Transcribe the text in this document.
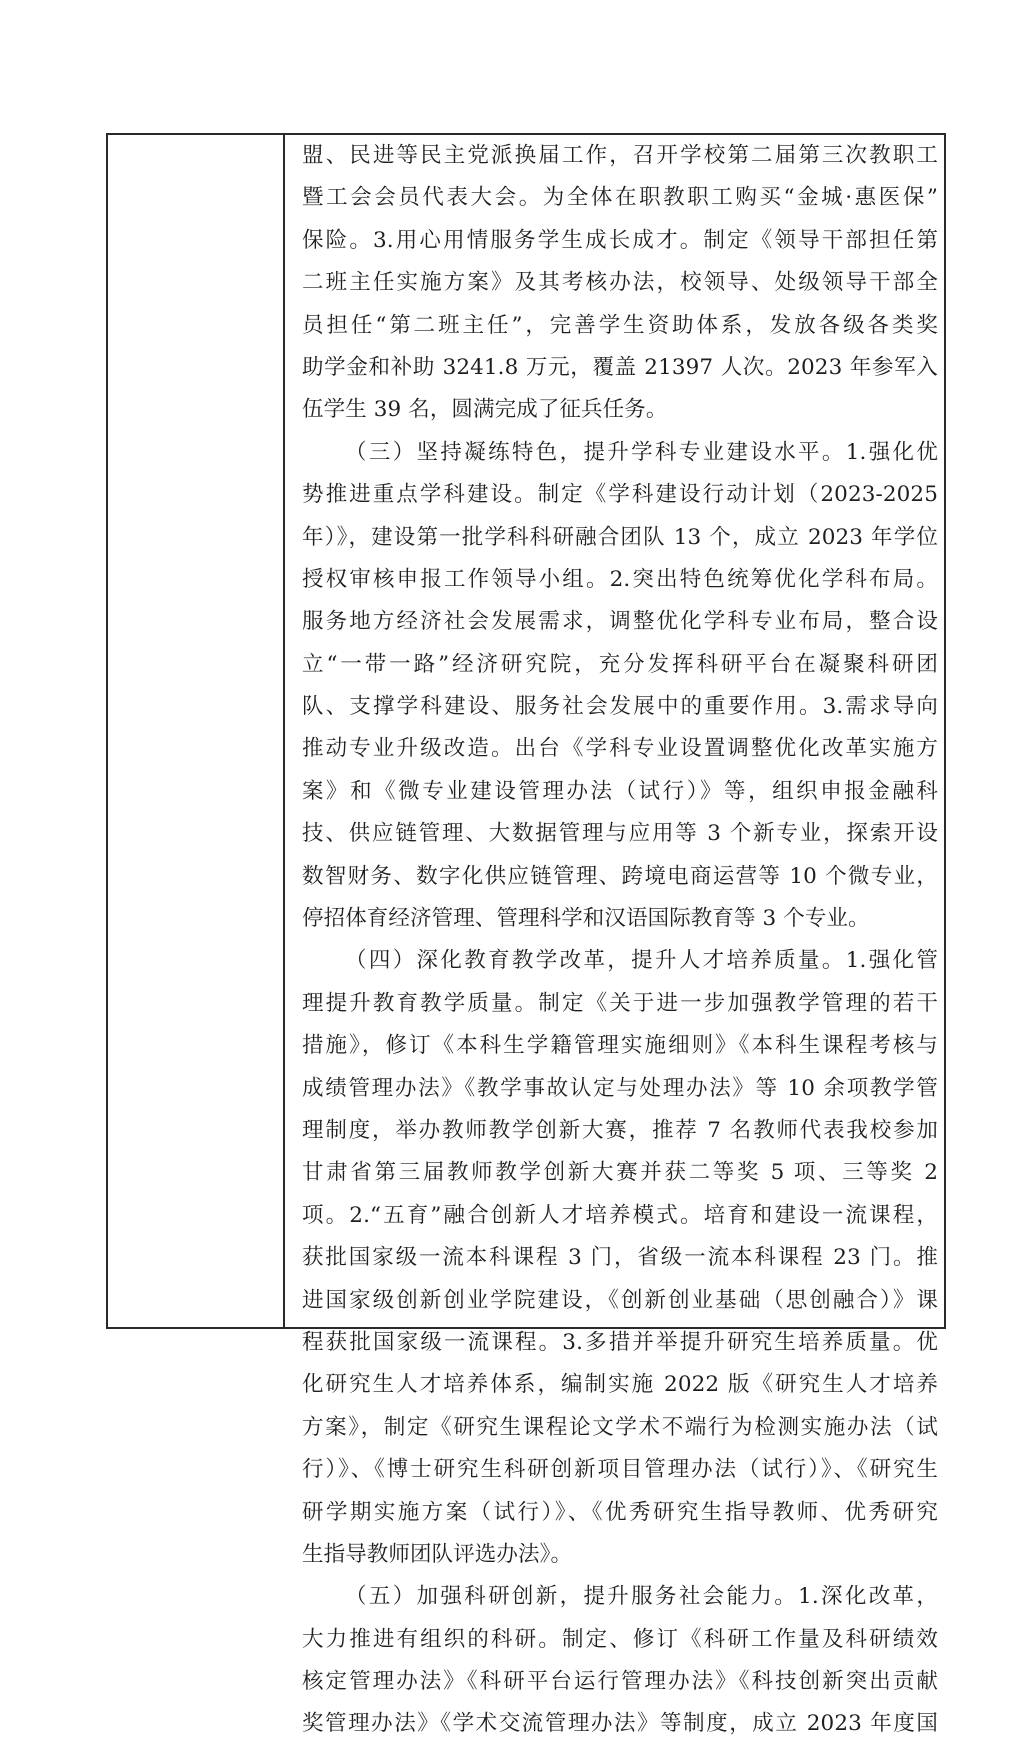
盟、民进等民主党派换届工作，召开学校第二届第三次教职工
暨工会会员代表大会。为全体在职教职工购买“金城·惠医保”
保险。3.用心用情服务学生成长成才。制定《领导干部担任第
二班主任实施方案》及其考核办法，校领导、处级领导干部全
员担任“第二班主任”，完善学生资助体系，发放各级各类奖
助学金和补助 3241.8 万元，覆盖 21397 人次。2023 年参军入
伍学生 39 名，圆满完成了征兵任务。
（三）坚持凝练特色，提升学科专业建设水平。1.强化优
势推进重点学科建设。制定《学科建设行动计划（2023-2025
年）》，建设第一批学科科研融合团队 13 个，成立 2023 年学位
授权审核申报工作领导小组。2.突出特色统筹优化学科布局。
服务地方经济社会发展需求，调整优化学科专业布局，整合设
立“一带一路”经济研究院，充分发挥科研平台在凝聚科研团
队、支撑学科建设、服务社会发展中的重要作用。3.需求导向
推动专业升级改造。出台《学科专业设置调整优化改革实施方
案》和《微专业建设管理办法（试行）》等，组织申报金融科
技、供应链管理、大数据管理与应用等 3 个新专业，探索开设
数智财务、数字化供应链管理、跨境电商运营等 10 个微专业，
停招体育经济管理、管理科学和汉语国际教育等 3 个专业。
（四）深化教育教学改革，提升人才培养质量。1.强化管
理提升教育教学质量。制定《关于进一步加强教学管理的若干
措施》，修订《本科生学籍管理实施细则》《本科生课程考核与
成绩管理办法》《教学事故认定与处理办法》等 10 余项教学管
理制度，举办教师教学创新大赛，推荐 7 名教师代表我校参加
甘肃省第三届教师教学创新大赛并获二等奖 5 项、三等奖 2
项。2.“五育”融合创新人才培养模式。培育和建设一流课程，
获批国家级一流本科课程 3 门，省级一流本科课程 23 门。推
进国家级创新创业学院建设，《创新创业基础（思创融合）》课
程获批国家级一流课程。3.多措并举提升研究生培养质量。优
化研究生人才培养体系，编制实施 2022 版《研究生人才培养
方案》，制定《研究生课程论文学术不端行为检测实施办法（试
行）》、《博士研究生科研创新项目管理办法（试行）》、《研究生
研学期实施方案（试行）》、《优秀研究生指导教师、优秀研究
生指导教师团队评选办法》。
（五）加强科研创新，提升服务社会能力。1.深化改革，
大力推进有组织的科研。制定、修订《科研工作量及科研绩效
核定管理办法》《科研平台运行管理办法》《科技创新突出贡献
奖管理办法》《学术交流管理办法》等制度，成立 2023 年度国
